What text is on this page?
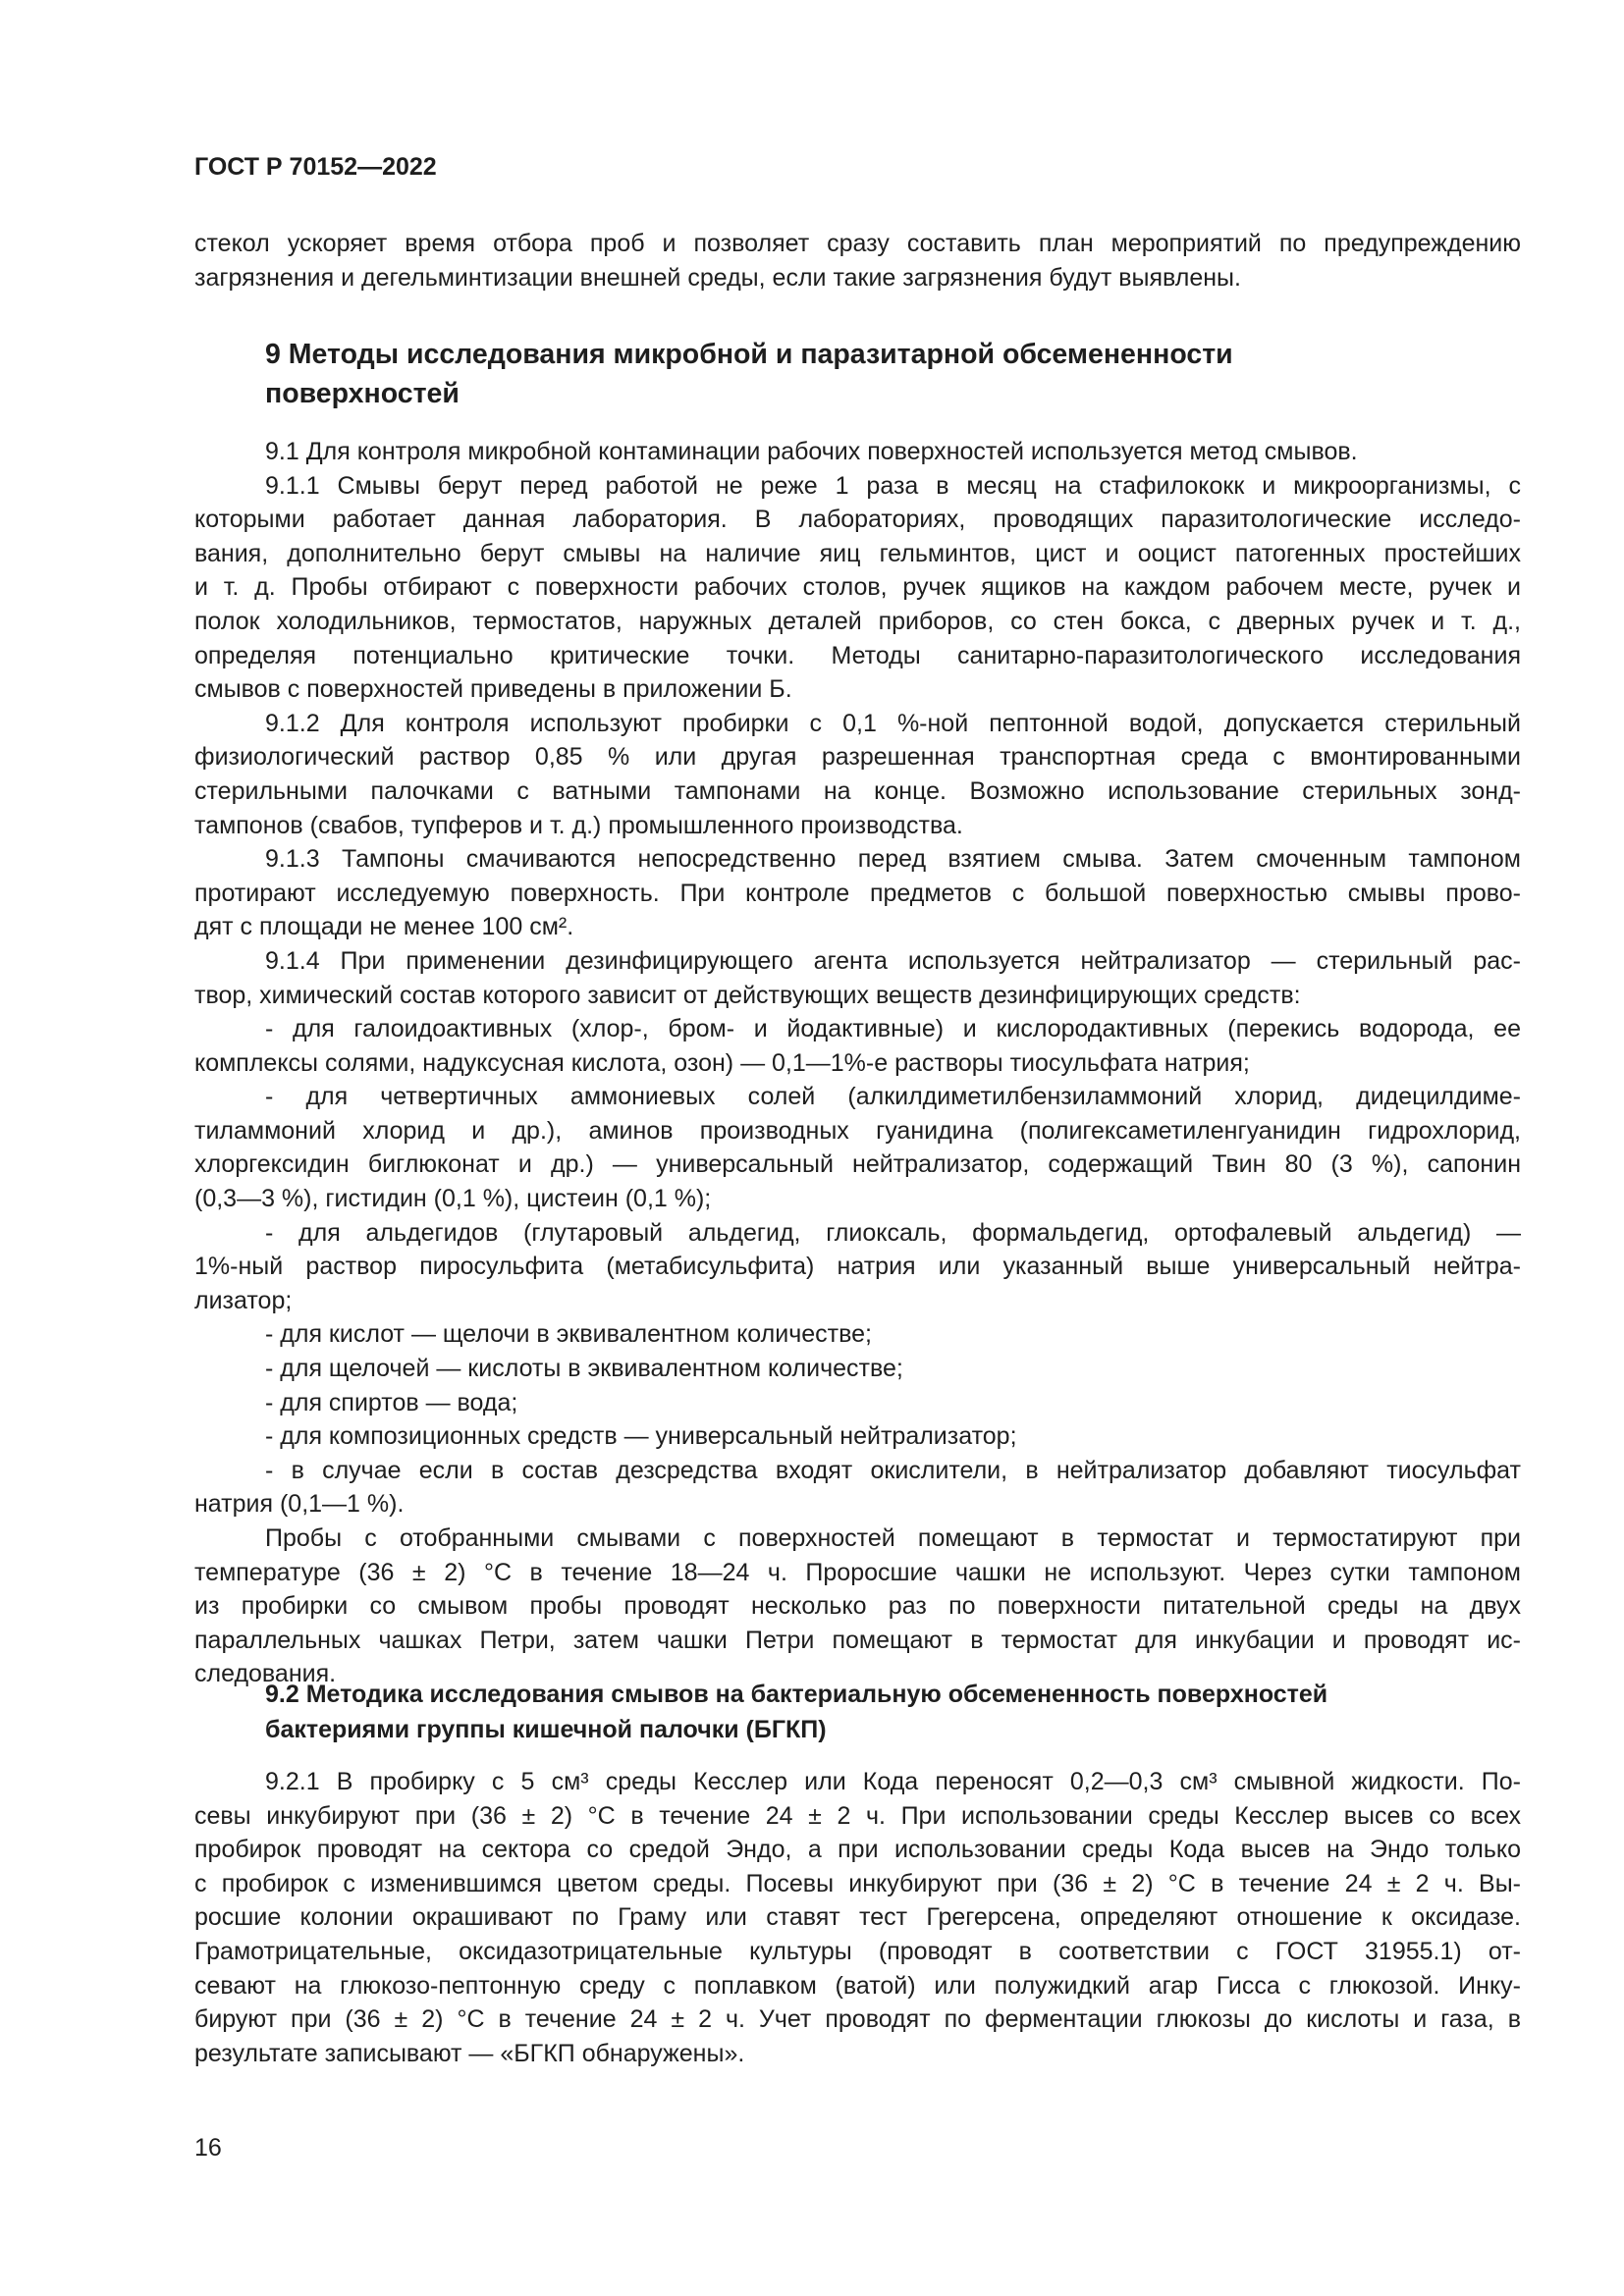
ГОСТ Р 70152—2022
стекол ускоряет время отбора проб и позволяет сразу составить план мероприятий по предупреждению
загрязнения и дегельминтизации внешней среды, если такие загрязнения будут выявлены.
9 Методы исследования микробной и паразитарной обсемененности
поверхностей
9.1 Для контроля микробной контаминации рабочих поверхностей используется метод смывов.
9.1.1 Смывы берут перед работой не реже 1 раза в месяц на стафилококк и микроорганизмы, с
которыми работает данная лаборатория. В лабораториях, проводящих паразитологические исследо-
вания, дополнительно берут смывы на наличие яиц гельминтов, цист и ооцист патогенных простейших
и т. д. Пробы отбирают с поверхности рабочих столов, ручек ящиков на каждом рабочем месте, ручек и
полок холодильников, термостатов, наружных деталей приборов, со стен бокса, с дверных ручек и т. д.,
определяя потенциально критические точки. Методы санитарно-паразитологического исследования
смывов с поверхностей приведены в приложении Б.
9.1.2 Для контроля используют пробирки с 0,1 %-ной пептонной водой, допускается стерильный
физиологический раствор 0,85 % или другая разрешенная транспортная среда с вмонтированными
стерильными палочками с ватными тампонами на конце. Возможно использование стерильных зонд-
тампонов (свабов, тупферов и т. д.) промышленного производства.
9.1.3 Тампоны смачиваются непосредственно перед взятием смыва. Затем смоченным тампоном
протирают исследуемую поверхность. При контроле предметов с большой поверхностью смывы прово-
дят с площади не менее 100 см².
9.1.4 При применении дезинфицирующего агента используется нейтрализатор — стерильный рас-
твор, химический состав которого зависит от действующих веществ дезинфицирующих средств:
- для галоидоактивных (хлор-, бром- и йодактивные) и кислородактивных (перекись водорода, ее
комплексы солями, надуксусная кислота, озон) — 0,1—1%-е растворы тиосульфата натрия;
- для четвертичных аммониевых солей (алкилдиметилбензиламмоний хлорид, дидецилдиме-
тиламмоний хлорид и др.), аминов производных гуанидина (полигексаметиленгуанидин гидрохлорид,
хлоргексидин биглюконат и др.) — универсальный нейтрализатор, содержащий Твин 80 (3 %), сапонин
(0,3—3 %), гистидин (0,1 %), цистеин (0,1 %);
- для альдегидов (глутаровый альдегид, глиоксаль, формальдегид, ортофалевый альдегид) —
1%-ный раствор пиросульфита (метабисульфита) натрия или указанный выше универсальный нейтра-
лизатор;
- для кислот — щелочи в эквивалентном количестве;
- для щелочей — кислоты в эквивалентном количестве;
- для спиртов — вода;
- для композиционных средств — универсальный нейтрализатор;
- в случае если в состав дезсредства входят окислители, в нейтрализатор добавляют тиосульфат
натрия (0,1—1 %).
Пробы с отобранными смывами с поверхностей помещают в термостат и термостатируют при
температуре (36 ± 2) °С в течение 18—24 ч. Проросшие чашки не используют. Через сутки тампоном
из пробирки со смывом пробы проводят несколько раз по поверхности питательной среды на двух
параллельных чашках Петри, затем чашки Петри помещают в термостат для инкубации и проводят ис-
следования.
9.2 Методика исследования смывов на бактериальную обсемененность поверхностей
бактериями группы кишечной палочки (БГКП)
9.2.1 В пробирку с 5 см³ среды Кесслер или Кода переносят 0,2—0,3 см³ смывной жидкости. По-
севы инкубируют при (36 ± 2) °С в течение 24 ± 2 ч. При использовании среды Кесслер высев со всех
пробирок проводят на сектора со средой Эндо, а при использовании среды Кода высев на Эндо только
с пробирок с изменившимся цветом среды. Посевы инкубируют при (36 ± 2) °С в течение 24 ± 2 ч. Вы-
росшие колонии окрашивают по Граму или ставят тест Грегерсена, определяют отношение к оксидазе.
Грамотрицательные, оксидазотрицательные культуры (проводят в соответствии с ГОСТ 31955.1) от-
севают на глюкозо-пептонную среду с поплавком (ватой) или полужидкий агар Гисса с глюкозой. Инку-
бируют при (36 ± 2) °С в течение 24 ± 2 ч. Учет проводят по ферментации глюкозы до кислоты и газа, в
результате записывают — «БГКП обнаружены».
16
